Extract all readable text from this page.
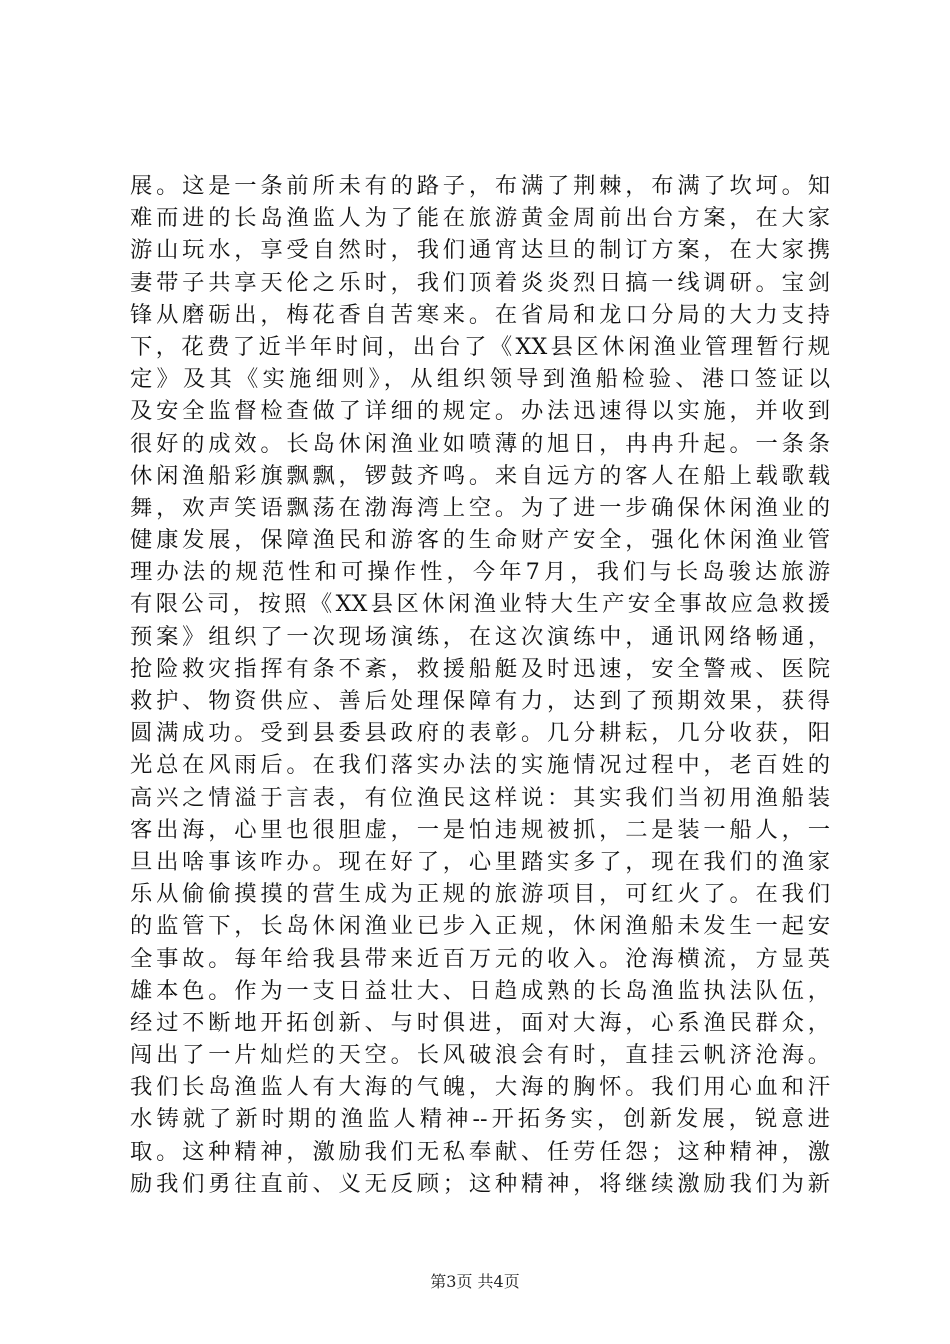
展。这是一条前所未有的路子，布满了荆棘，布满了坎坷。知
难而进的长岛渔监人为了能在旅游黄金周前出台方案，在大家
游山玩水，享受自然时，我们通宵达旦的制订方案，在大家携
妻带子共享天伦之乐时，我们顶着炎炎烈日搞一线调研。宝剑
锋从磨砺出，梅花香自苦寒来。在省局和龙口分局的大力支持
下，花费了近半年时间，出台了《XX县区休闲渔业管理暂行规
定》及其《实施细则》，从组织领导到渔船检验、港口签证以
及安全监督检查做了详细的规定。办法迅速得以实施，并收到
很好的成效。长岛休闲渔业如喷薄的旭日，冉冉升起。一条条
休闲渔船彩旗飘飘，锣鼓齐鸣。来自远方的客人在船上载歌载
舞，欢声笑语飘荡在渤海湾上空。为了进一步确保休闲渔业的
健康发展，保障渔民和游客的生命财产安全，强化休闲渔业管
理办法的规范性和可操作性，今年7月，我们与长岛骏达旅游
有限公司，按照《XX县区休闲渔业特大生产安全事故应急救援
预案》组织了一次现场演练，在这次演练中，通讯网络畅通，
抢险救灾指挥有条不紊，救援船艇及时迅速，安全警戒、医院
救护、物资供应、善后处理保障有力，达到了预期效果，获得
圆满成功。受到县委县政府的表彰。几分耕耘，几分收获，阳
光总在风雨后。在我们落实办法的实施情况过程中，老百姓的
高兴之情溢于言表，有位渔民这样说：其实我们当初用渔船装
客出海，心里也很胆虚，一是怕违规被抓，二是装一船人，一
旦出啥事该咋办。现在好了，心里踏实多了，现在我们的渔家
乐从偷偷摸摸的营生成为正规的旅游项目，可红火了。在我们
的监管下，长岛休闲渔业已步入正规，休闲渔船未发生一起安
全事故。每年给我县带来近百万元的收入。沧海横流，方显英
雄本色。作为一支日益壮大、日趋成熟的长岛渔监执法队伍，
经过不断地开拓创新、与时俱进，面对大海，心系渔民群众，
闯出了一片灿烂的天空。长风破浪会有时，直挂云帆济沧海。
我们长岛渔监人有大海的气魄，大海的胸怀。我们用心血和汗
水铸就了新时期的渔监人精神--开拓务实，创新发展，锐意进
取。这种精神，激励我们无私奉献、任劳任怨；这种精神，激
励我们勇往直前、义无反顾；这种精神，将继续激励我们为新
第3页 共4页
